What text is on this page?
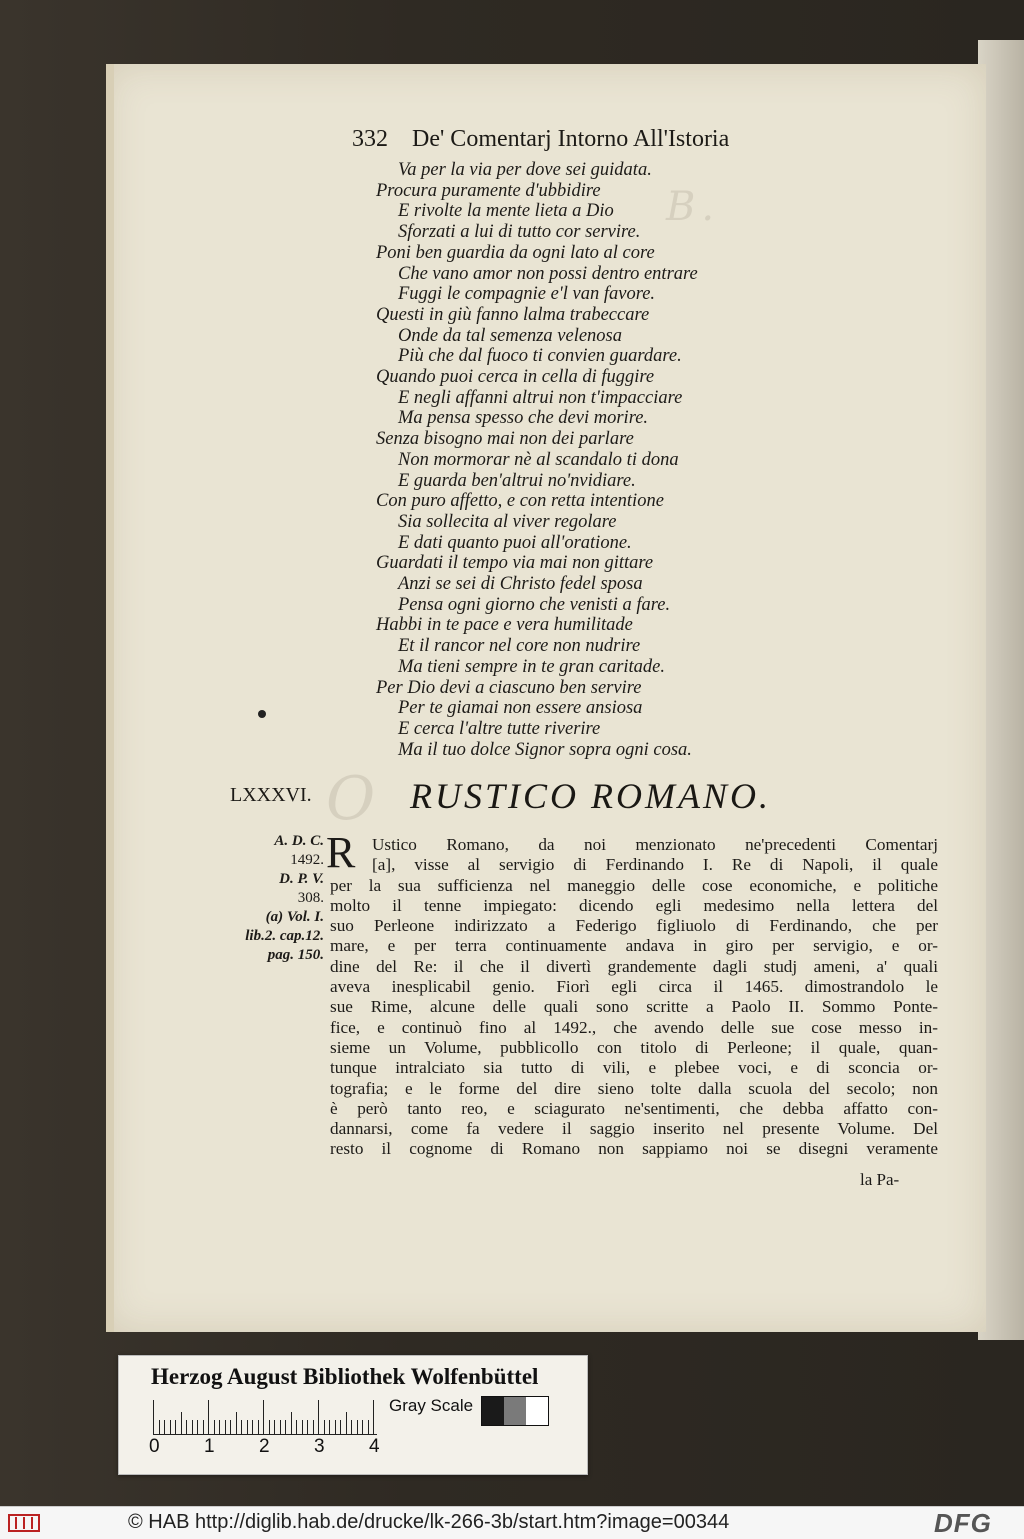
B.
O
332 De' Comentarj Intorno All'Istoria
Va per la via per dove sei guidata.
Procura puramente d'ubbidire
E rivolte la mente lieta a Dio
Sforzati a lui di tutto cor servire.
Poni ben guardia da ogni lato al core
Che vano amor non possi dentro entrare
Fuggi le compagnie e'l van favore.
Questi in giù fanno lalma trabeccare
Onde da tal semenza velenosa
Più che dal fuoco ti convien guardare.
Quando puoi cerca in cella di fuggire
E negli affanni altrui non t'impacciare
Ma pensa spesso che devi morire.
Senza bisogno mai non dei parlare
Non mormorar nè al scandalo ti dona
E guarda ben'altrui no'nvidiare.
Con puro affetto, e con retta intentione
Sia sollecita al viver regolare
E dati quanto puoi all'oratione.
Guardati il tempo via mai non gittare
Anzi se sei di Christo fedel sposa
Pensa ogni giorno che venisti a fare.
Habbi in te pace e vera humilitade
Et il rancor nel core non nudrire
Ma tieni sempre in te gran caritade.
Per Dio devi a ciascuno ben servire
Per te giamai non essere ansiosa
E cerca l'altre tutte riverire
Ma il tuo dolce Signor sopra ogni cosa.
LXXXVI.	RUSTICO ROMANO.
A. D. C.
1492.
D. P. V.
308.
(a) Vol. I.
lib.2. cap.12.
pag. 150.
R Ustico Romano, da noi menzionato ne'precedenti Comentarj
[a], visse al servigio di Ferdinando I. Re di Napoli, il quale
per la sua sufficienza nel maneggio delle cose economiche, e politiche
molto il tenne impiegato: dicendo egli medesimo nella lettera del
suo Perleone indirizzato a Federigo figliuolo di Ferdinando, che per
mare, e per terra continuamente andava in giro per servigio, e or-
dine del Re: il che il divertì grandemente dagli studj ameni, a' quali
aveva inesplicabil genio. Fiorì egli circa il 1465. dimostrandolo le
sue Rime, alcune delle quali sono scritte a Paolo II. Sommo Ponte-
fice, e continuò fino al 1492., che avendo delle sue cose messo in-
sieme un Volume, pubblicollo con titolo di Perleone; il quale, quan-
tunque intralciato sia tutto di vili, e plebee voci, e di sconcia or-
tografia; e le forme del dire sieno tolte dalla scuola del secolo; non
è però tanto reo, e sciagurato ne'sentimenti, che debba affatto con-
dannarsi, come fa vedere il saggio inserito nel presente Volume. Del
resto il cognome di Romano non sappiamo noi se disegni veramente
la Pa-
Herzog August Bibliothek Wolfenbüttel
Gray Scale
0 1 2 3 4
© HAB http://diglib.hab.de/drucke/lk-266-3b/start.htm?image=00344	DFG
